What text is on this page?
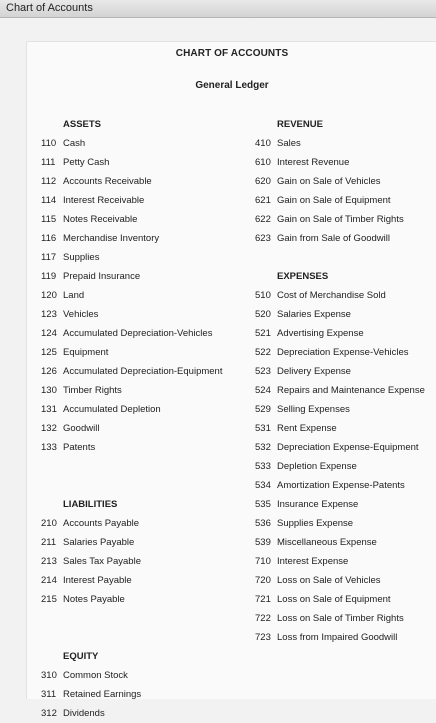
Chart of Accounts
CHART OF ACCOUNTS
General Ledger
ASSETS
110 Cash
111 Petty Cash
112 Accounts Receivable
114 Interest Receivable
115 Notes Receivable
116 Merchandise Inventory
117 Supplies
119 Prepaid Insurance
120 Land
123 Vehicles
124 Accumulated Depreciation-Vehicles
125 Equipment
126 Accumulated Depreciation-Equipment
130 Timber Rights
131 Accumulated Depletion
132 Goodwill
133 Patents
LIABILITIES
210 Accounts Payable
211 Salaries Payable
213 Sales Tax Payable
214 Interest Payable
215 Notes Payable
EQUITY
310 Common Stock
311 Retained Earnings
312 Dividends
REVENUE
410 Sales
610 Interest Revenue
620 Gain on Sale of Vehicles
621 Gain on Sale of Equipment
622 Gain on Sale of Timber Rights
623 Gain from Sale of Goodwill
EXPENSES
510 Cost of Merchandise Sold
520 Salaries Expense
521 Advertising Expense
522 Depreciation Expense-Vehicles
523 Delivery Expense
524 Repairs and Maintenance Expense
529 Selling Expenses
531 Rent Expense
532 Depreciation Expense-Equipment
533 Depletion Expense
534 Amortization Expense-Patents
535 Insurance Expense
536 Supplies Expense
539 Miscellaneous Expense
710 Interest Expense
720 Loss on Sale of Vehicles
721 Loss on Sale of Equipment
722 Loss on Sale of Timber Rights
723 Loss from Impaired Goodwill
